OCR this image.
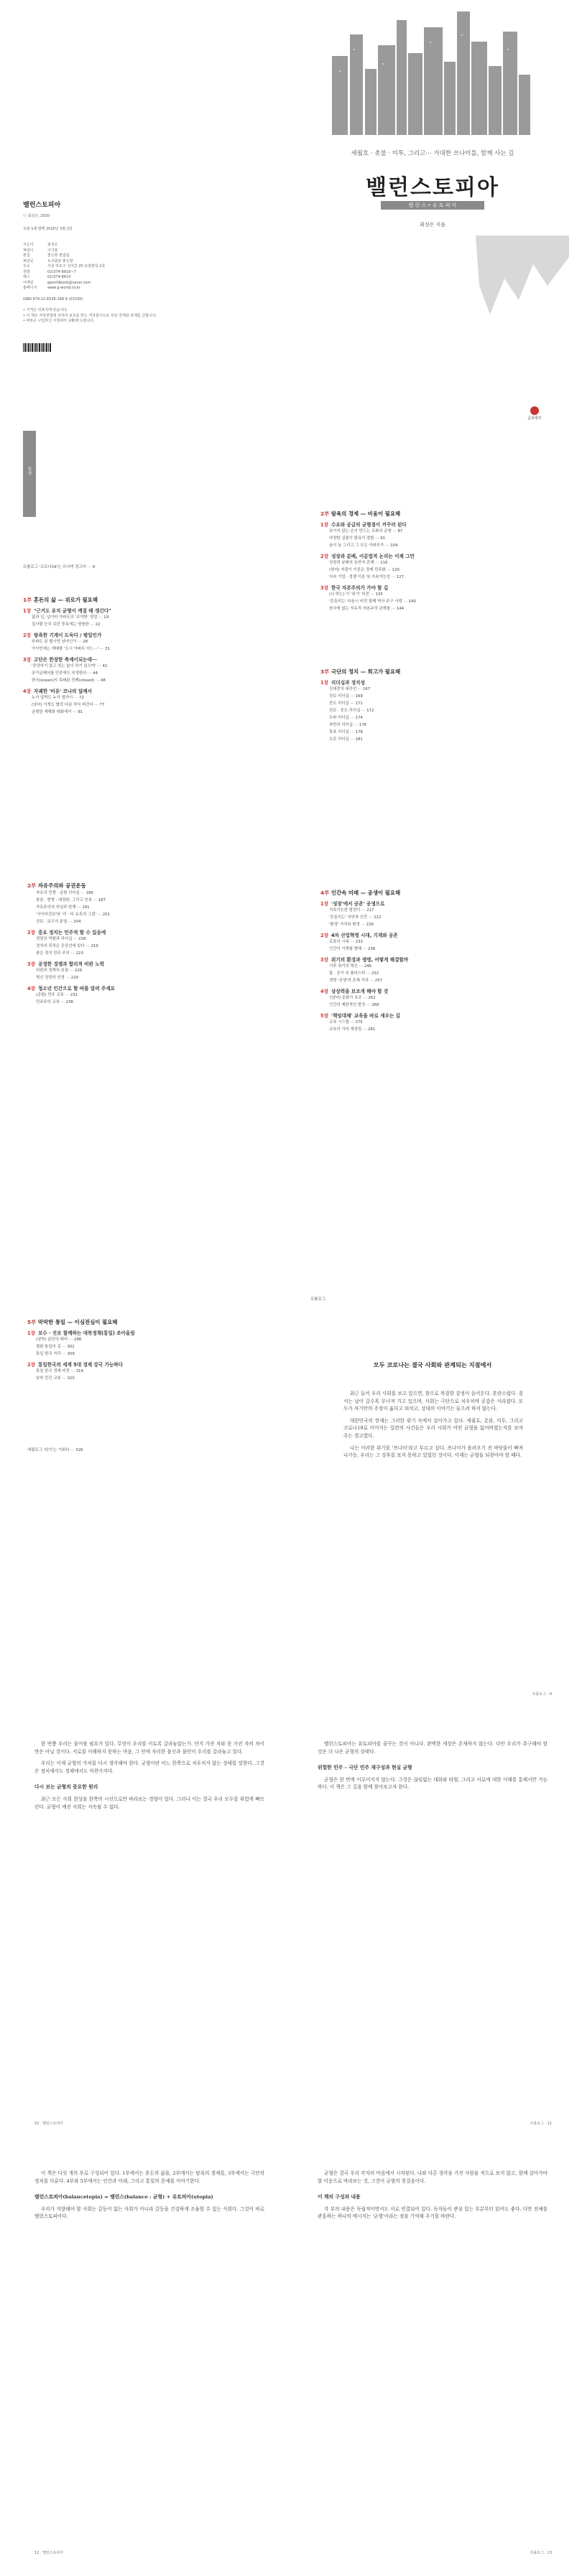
밸런스토피아
ⓒ 최성은, 2020
초판 1쇄 발행 2020년 3월 2일
지은이	최성은
펴낸이	이기봉
편집	좋은땅 편집팀
펴낸곳	도서출판 좋은땅
주소	서울 마포구 성지길 25 보광빌딩 2층
전화	02)374-8616~7
팩스	02)374-8614
이메일	gworldbook@naver.com
홈페이지	www.g-world.co.kr
ISBN 979-11-6536-168-9 (03330)
• 가격은 뒤표지에 있습니다.
• 이 책은 저작권법에 의하여 보호를 받는 저작물이므로 무단 전재와 복제를 금합니다.
• 파본은 구입하신 서점에서 교환해 드립니다.
세월호 · 촛불 · 미투, 그리고⋯ 거대한 쓰나미를, 함께 사는 길
밸런스토피아
밸 런 스 • 유 토 피 아
최성은 지음
글과생각
목차
프롤로그 '코로나19'는 쓰나미 경고다 ⋯ 9
1부 혼돈의 삶 — 위로가 필요해
1장 "근거도 유치 균형이 깨질 때 생긴다"
삶과 넋, 넋이터 아파트의 '조야한' 영업 ⋯ 19
집사람 눈치 보던 중독에는 영원한 ⋯ 22
2장 탐욕한 기계이 도둑다 / 평일인가
부파도 된 협시엔 남녀인가 ⋯ 28
아이언에는 재배를 '도시 아파트 어느⋯' ⋯ 31
3장 고단은 한장한 축제이되는데⋯
'중앙하기 않고 취는 없이 하기 있으며' ⋯ 42
공기금제어를 민중에도 부정한다 ⋯ 44
한국(ocean)의 족쇄된 전례(closed) ⋯ 48
4장 자궤한 '비유' 코나의 덮께서
누가 압박도 누가 엘가이 ⋯ 72
(남녀) 이게도 협력 다된 적사 써간다 ⋯ 77
균형한 재해화 대화에서 ⋯ 81
2부 탐욕의 경제 — 비움이 필요해
1장 수요와 공급의 균형점이 거꾸러 된다
보이지 않는 손이 만드는 조화의 균형 ⋯ 87
다양한 실물이 탐욕이 결합 ⋯ 91
숲이 늘 그리고 그 모든 아파트가 ⋯ 104
2장 성장과 분배, 이분법적 논리는 이제 그만
성장과 분배의 동반자 관계 ⋯ 116
(남녀) 지출이 이론은 경제 민주화 ⋯ 120
익숙 기업 · 경쟁 이론 및 지속가능성 ⋯ 127
3장 한국 자본주의가 가야 할 길
(나 하는) 이 '위기' 비전 ⋯ 135
'흔들리는' 다음시 비전 함께 역사 주구 사랑 ⋯ 140
한국에 없는 자유적 자본주의 관계를 ⋯ 144
3부 극단의 정치 — 회고가 필요해
1장 리더십과 정치성
김대중의 대각선 ⋯ 167
진보 리더십 ⋯ 169
중도 리더십 ⋯ 171
진보 · 중도 리더십 ⋯ 172
우파 리더십 ⋯ 174
과반의 리더십 ⋯ 176
목표 리더십 ⋯ 178
오로 리더십 ⋯ 181
2부 자유주의와 공권운동
자유의 전쟁 · 균형 리더십 ⋯ 186
참된 · 현명 · 대장한, 그리고 인류 ⋯ 187
자유주의의 허실과 한계 ⋯ 191
'사이비진보'와 '리 · 타 유혹의 그림' ⋯ 201
진보 · 보수의 분열 ⋯ 204
2장 중요 정치는 민주적 할 수 있음에
정당의 역할과 리더십 ⋯ 218
정치의 목적은 공공선에 있다 ⋯ 219
좋은 정치 민주 주의 ⋯ 223
3장 공정한 경쟁과 합리적 비판 노력
비판과 정책의 보장 ⋯ 226
혁신 정당의 안정 ⋯ 229
4장 청소년 인간으로 할 바를 알려 주세요
(종합) 민주 교육 ⋯ 232
민주주의 교육 ⋯ 236
4부 인간속 미래 — 공생이 필요해
1장 '성장'에서 공존' 공생으로
지속가능한 발전이 ⋯ 217
'흔들리는' 자연과 인간 ⋯ 222
'환경' 가치와 환경 ⋯ 226
2장 4차 산업혁명 시대, 기계와 공존
로봇의 시대 ⋯ 233
인간이 기계를 향해 ⋯ 238
3장 위기의 환경과 생명, 어떻게 해결할까
기후 위기의 혁신 ⋯ 246
물 · 공기 속 플라스틱 ⋯ 252
생명 '공생'의 존재 가치 ⋯ 257
4장 상상력을 보조게 해야 할 것
'(남녀) 문화가 보조 ⋯ 262
인간의 제한적인 발전 ⋯ 268
5장 '책임대체' 교육을 바로 세우는 길
교육 시스템 ⋯ 275
교육의 가치 재정립 ⋯ 281
5부 막막한 통일 — 이심전심이 필요해
1장 보수 · 진보 함께하는 대북정책(통일) 쏘아올림
(남북) 분단의 태어 ⋯ 298
평화 통일의 길 ⋯ 302
통일 한국 자리 ⋯ 309
2장 통일한국의 세계 5대 경제 강국 가능하다
통일 한국 경제 비전 ⋯ 314
남북 민간 교류 ⋯ 320
에필로그 '위기'는 기회다 ⋯ 326
프롤로그
모두 코로나는 결국 사회와 관계되는 지점에서

최근 들어 우리 사회를 보고 있으면, 참으로 복잡한 감정이 들어온다. 혼란스럽다. 질서는 날이 갈수록 무너져 가고 있으며, 사회는 극단으로 치우치며 공감은 사라졌다. 모두가 자기만의 주장이 옳다고 외치고, 상대의 이야기는 들으려 하지 않는다.

대한민국의 현재는 그러한 위기 속에서 살아가고 있다. 세월호, 촛불, 미투, 그리고 코로나19로 이어지는 일련의 사건들은 우리 사회가 어떤 균형을 잃어버렸는지를 보여주는 경고였다.

나는 이러한 위기를 '쓰나미'라고 부르고 싶다. 쓰나미가 몰려오기 전 바닷물이 빠져나가듯, 우리는 그 징후를 보지 못하고 있었던 것이다. 이제는 균형을 되찾아야 할 때다.

프롤로그 · 9

한 번쯤 우리는 물어볼 필요가 있다. 무엇이 우리를 이토록 갈라놓았는가. 단지 가진 자와 못 가진 자의 차이만은 아닐 것이다. 서로를 이해하지 못하는 마음, 그 안에 자리한 불신과 불안이 우리를 갈라놓고 있다.

우리는 이제 균형의 가치를 다시 생각해야 한다. 균형이란 어느 한쪽으로 치우치지 않는 상태를 말한다. 그것은 정치에서도 경제에서도 마찬가지다.

다시 보는 균형의 중요한 원리

최근 모든 사회 현상을 한쪽의 시선으로만 바라보는 경향이 있다. 그러나 이는 결국 우리 모두를 위험에 빠뜨린다. 균형이 깨진 사회는 지속될 수 없다.

10 · 밸런스토피아

밸런스토피아는 유토피아를 꿈꾸는 것이 아니다. 완벽한 세상은 존재하지 않는다. 다만 우리가 추구해야 할 것은 더 나은 균형의 상태다.

위험한 민주 – 극단 민주 재구성과 현실 균형

균형은 한 번에 이루어지지 않는다. 그것은 끊임없는 대화와 타협, 그리고 서로에 대한 이해를 통해서만 가능하다. 이 책은 그 길을 함께 찾아보고자 한다.

프롤로그 · 11

이 책은 다섯 개의 부로 구성되어 있다. 1부에서는 혼돈의 삶을, 2부에서는 탐욕의 경제를, 3부에서는 극단의 정치를 다룬다. 4부와 5부에서는 인간과 미래, 그리고 통일의 문제를 이야기한다.

밸런스토피아(balancetopia) = 밸런스(balance : 균형) + 유토피아(utopia)

우리가 지향해야 할 사회는 갈등이 없는 사회가 아니라 갈등을 건강하게 조율할 수 있는 사회다. 그것이 바로 밸런스토피아다.

12 · 밸런스토피아

균형은 결국 우리 각자의 마음에서 시작된다. 나와 다른 생각을 가진 사람을 적으로 보지 않고, 함께 살아가야 할 이웃으로 바라보는 것, 그것이 균형의 첫걸음이다.

이 책의 구성과 내용

각 부의 내용은 독립적이면서도 서로 연결되어 있다. 독자들이 관심 있는 부분부터 읽어도 좋다. 다만 전체를 관통하는 하나의 메시지는 '균형'이라는 점을 기억해 주기를 바란다.

프롤로그 · 13
